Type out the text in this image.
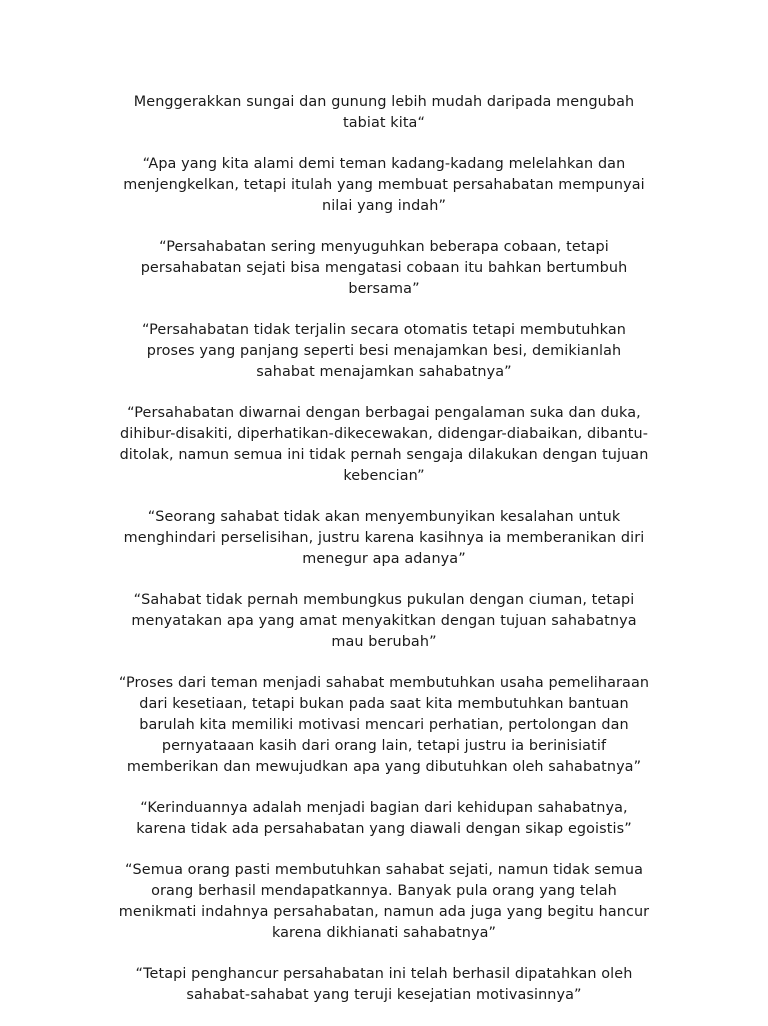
Menggerakkan sungai dan gunung lebih mudah daripada mengubah tabiat kita“

“Apa yang kita alami demi teman kadang-kadang melelahkan dan menjengkelkan, tetapi itulah yang membuat persahabatan mempunyai nilai yang indah”

“Persahabatan sering menyuguhkan beberapa cobaan, tetapi persahabatan sejati bisa mengatasi cobaan itu bahkan bertumbuh bersama”

“Persahabatan tidak terjalin secara otomatis tetapi membutuhkan proses yang panjang seperti besi menajamkan besi, demikianlah sahabat menajamkan sahabatnya”

“Persahabatan diwarnai dengan berbagai pengalaman suka dan duka, dihibur-disakiti, diperhatikan-dikecewakan, didengar-diabaikan, dibantu-ditolak, namun semua ini tidak pernah sengaja dilakukan dengan tujuan kebencian”

“Seorang sahabat tidak akan menyembunyikan kesalahan untuk menghindari perselisihan, justru karena kasihnya ia memberanikan diri menegur apa adanya”

“Sahabat tidak pernah membungkus pukulan dengan ciuman, tetapi menyatakan apa yang amat menyakitkan dengan tujuan sahabatnya mau berubah”

“Proses dari teman menjadi sahabat membutuhkan usaha pemeliharaan dari kesetiaan, tetapi bukan pada saat kita membutuhkan bantuan barulah kita memiliki motivasi mencari perhatian, pertolongan dan pernyataaan kasih dari orang lain, tetapi justru ia berinisiatif memberikan dan mewujudkan apa yang dibutuhkan oleh sahabatnya”

“Kerinduannya adalah menjadi bagian dari kehidupan sahabatnya, karena tidak ada persahabatan yang diawali dengan sikap egoistis”

“Semua orang pasti membutuhkan sahabat sejati, namun tidak semua orang berhasil mendapatkannya. Banyak pula orang yang telah menikmati indahnya persahabatan, namun ada juga yang begitu hancur karena dikhianati sahabatnya”

“Tetapi penghancur persahabatan ini telah berhasil dipatahkan oleh sahabat-sahabat yang teruji kesejatian motivasinnya”
